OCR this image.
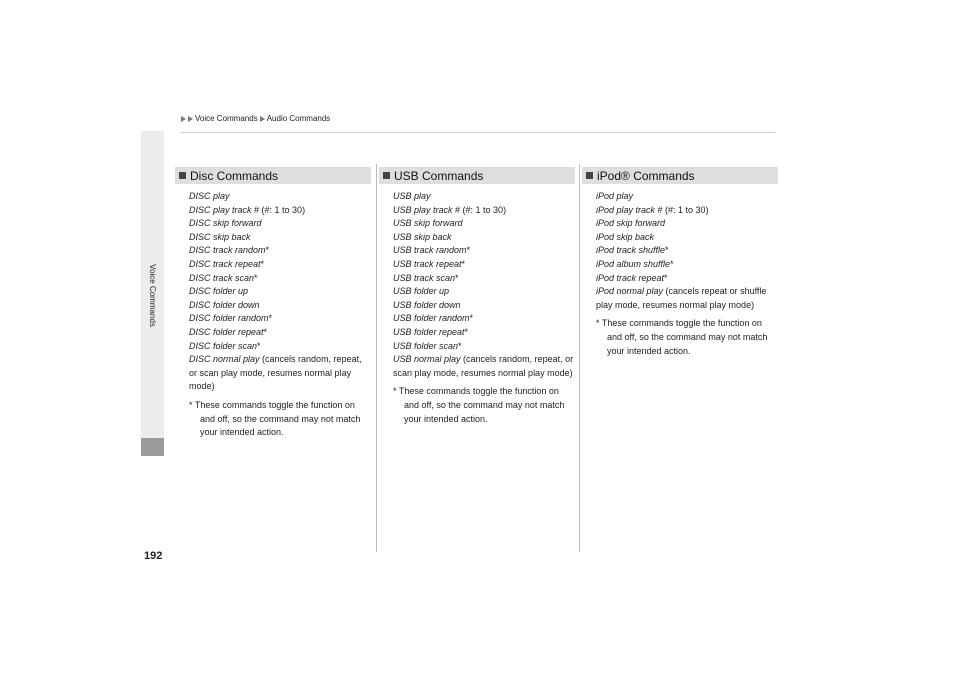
Voice Commands Audio Commands
Voice Commands
192
Disc Commands
DISC play
DISC play track # (#: 1 to 30)
DISC skip forward
DISC skip back
DISC track random*
DISC track repeat*
DISC track scan*
DISC folder up
DISC folder down
DISC folder random*
DISC folder repeat*
DISC folder scan*
DISC normal play (cancels random, repeat, or scan play mode, resumes normal play mode)
* These commands toggle the function on and off, so the command may not match your intended action.
USB Commands
USB play
USB play track # (#: 1 to 30)
USB skip forward
USB skip back
USB track random*
USB track repeat*
USB track scan*
USB folder up
USB folder down
USB folder random*
USB folder repeat*
USB folder scan*
USB normal play (cancels random, repeat, or scan play mode, resumes normal play mode)
* These commands toggle the function on and off, so the command may not match your intended action.
iPod® Commands
iPod play
iPod play track # (#: 1 to 30)
iPod skip forward
iPod skip back
iPod track shuffle*
iPod album shuffle*
iPod track repeat*
iPod normal play (cancels repeat or shuffle play mode, resumes normal play mode)
* These commands toggle the function on and off, so the command may not match your intended action.
